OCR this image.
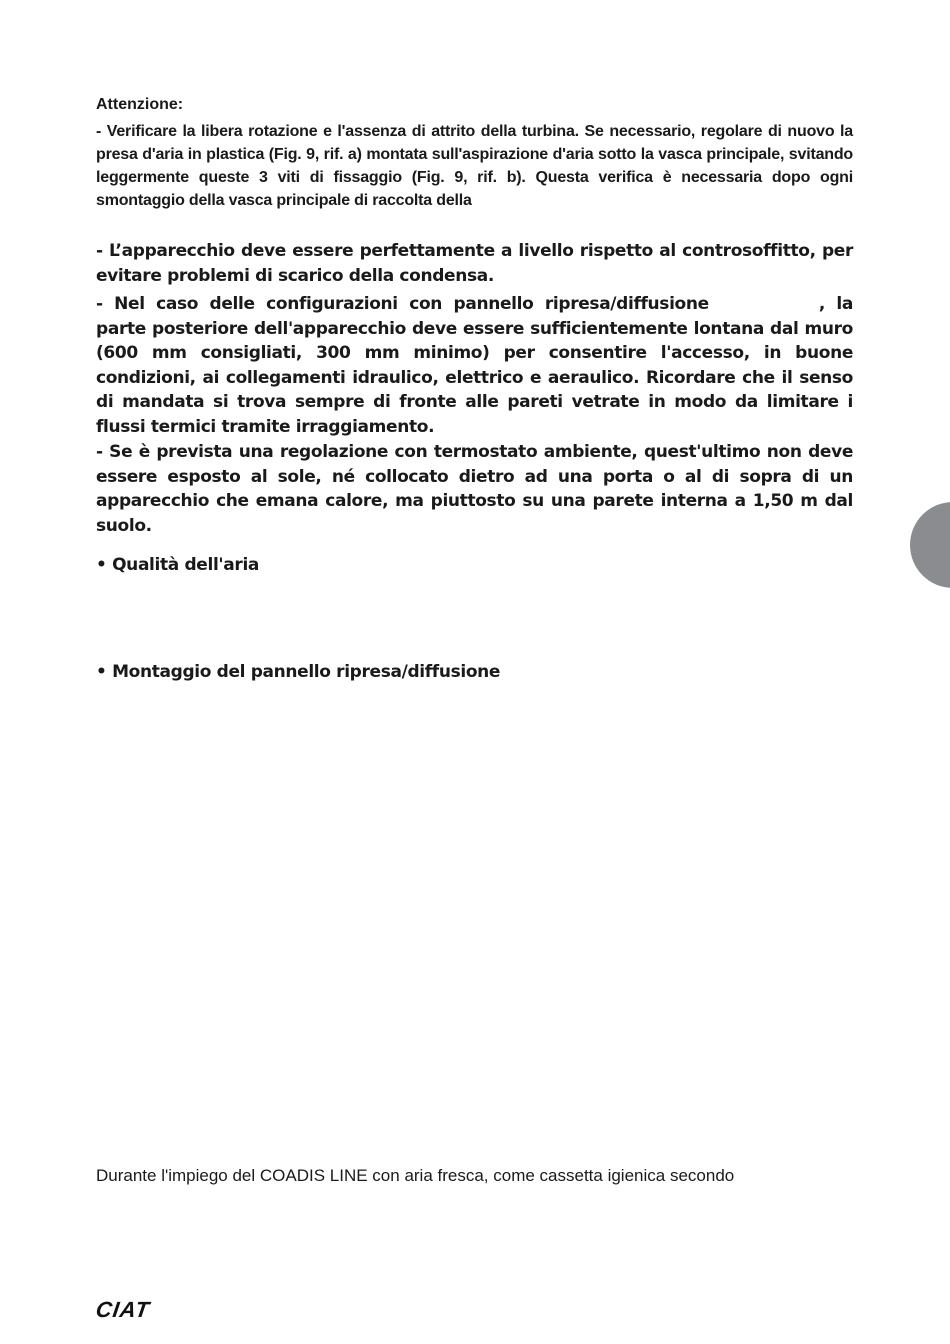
Attenzione:
- Verificare la libera rotazione e l'assenza di attrito della turbina. Se necessario, regolare di nuovo la presa d'aria in plastica (Fig. 9, rif. a) montata sull'aspirazione d'aria sotto la vasca principale, svitando leggermente queste 3 viti di fissaggio (Fig. 9, rif. b). Questa verifica è necessaria dopo ogni smontaggio della vasca principale di raccolta della

- L’apparecchio deve essere perfettamente a livello rispetto al controsoffitto, per evitare problemi di scarico della condensa.

- Nel caso delle configurazioni con pannello ripresa/diffusione	, la parte posteriore dell'apparecchio deve essere sufficientemente lontana dal muro (600 mm consigliati, 300 mm minimo) per consentire l'accesso, in buone condizioni, ai collegamenti idraulico, elettrico e aeraulico. Ricordare che il senso di mandata si trova sempre di fronte alle pareti vetrate in modo da limitare i flussi termici tramite irraggiamento.

- Se è prevista una regolazione con termostato ambiente, quest'ultimo non deve essere esposto al sole, né collocato dietro ad una porta o al di sopra di un apparecchio che emana calore, ma piuttosto su una parete interna a 1,50 m dal suolo.

• Qualità dell'aria
• Montaggio del pannello ripresa/diffusione
Durante l'impiego del COADIS LINE con aria fresca, come cassetta igienica secondo
CIAT
